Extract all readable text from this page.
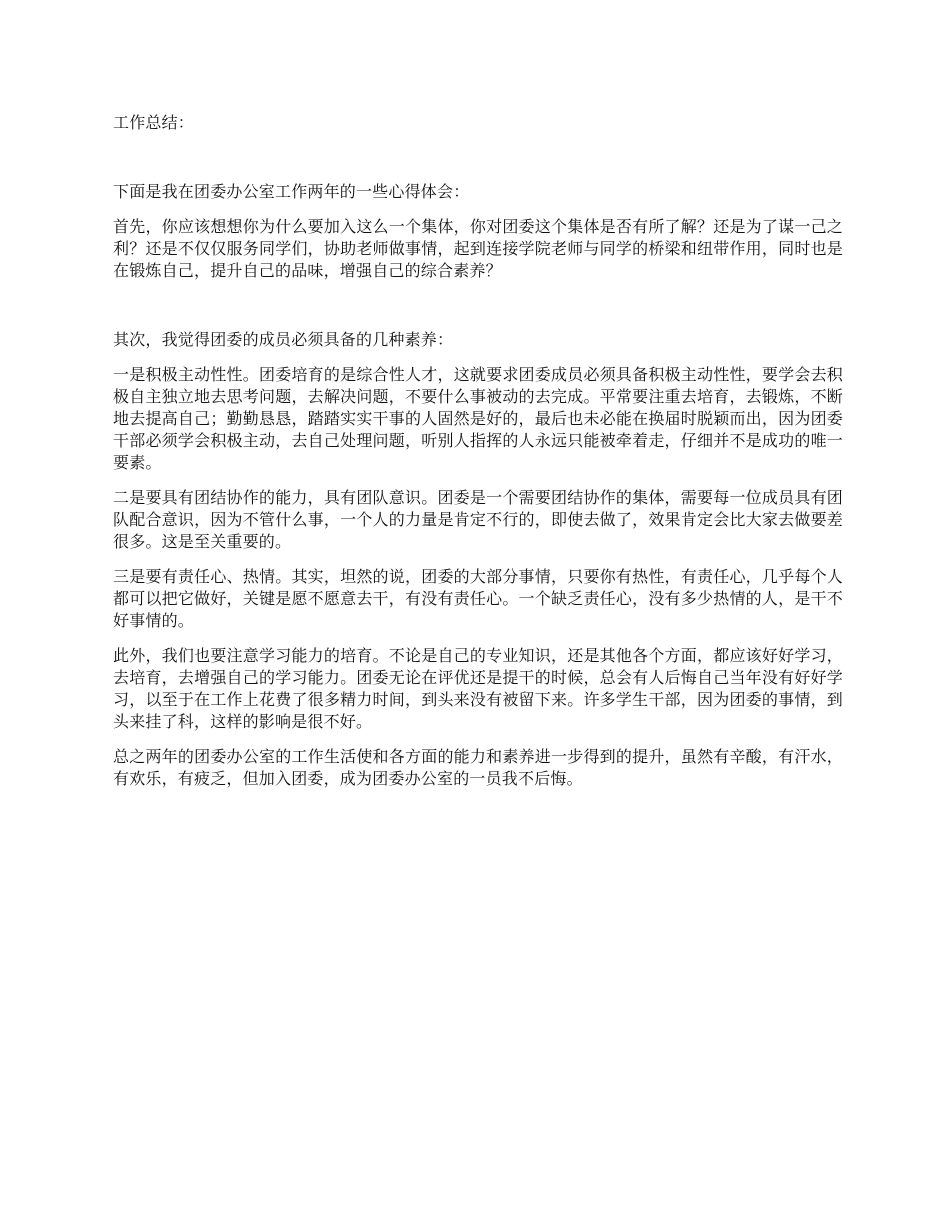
工作总结：

下面是我在团委办公室工作两年的一些心得体会：

首先，你应该想想你为什么要加入这么一个集体，你对团委这个集体是否有所了解？还是为了谋一己之利？还是不仅仅服务同学们，协助老师做事情，起到连接学院老师与同学的桥梁和纽带作用，同时也是在锻炼自己，提升自己的品味，增强自己的综合素养？

其次，我觉得团委的成员必须具备的几种素养：

一是积极主动性性。团委培育的是综合性人才，这就要求团委成员必须具备积极主动性性，要学会去积极自主独立地去思考问题，去解决问题，不要什么事被动的去完成。平常要注重去培育，去锻炼，不断地去提高自己；勤勤恳恳，踏踏实实干事的人固然是好的，最后也未必能在换届时脱颖而出，因为团委干部必须学会积极主动，去自己处理问题，听别人指挥的人永远只能被牵着走，仔细并不是成功的唯一要素。

二是要具有团结协作的能力，具有团队意识。团委是一个需要团结协作的集体，需要每一位成员具有团队配合意识，因为不管什么事，一个人的力量是肯定不行的，即使去做了，效果肯定会比大家去做要差很多。这是至关重要的。

三是要有责任心、热情。其实，坦然的说，团委的大部分事情，只要你有热性，有责任心，几乎每个人都可以把它做好，关键是愿不愿意去干，有没有责任心。一个缺乏责任心，没有多少热情的人，是干不好事情的。

此外，我们也要注意学习能力的培育。不论是自己的专业知识，还是其他各个方面，都应该好好学习，去培育，去增强自己的学习能力。团委无论在评优还是提干的时候，总会有人后悔自己当年没有好好学习，以至于在工作上花费了很多精力时间，到头来没有被留下来。许多学生干部，因为团委的事情，到头来挂了科，这样的影响是很不好。

总之两年的团委办公室的工作生活使和各方面的能力和素养进一步得到的提升，虽然有辛酸，有汗水，有欢乐，有疲乏，但加入团委，成为团委办公室的一员我不后悔。
